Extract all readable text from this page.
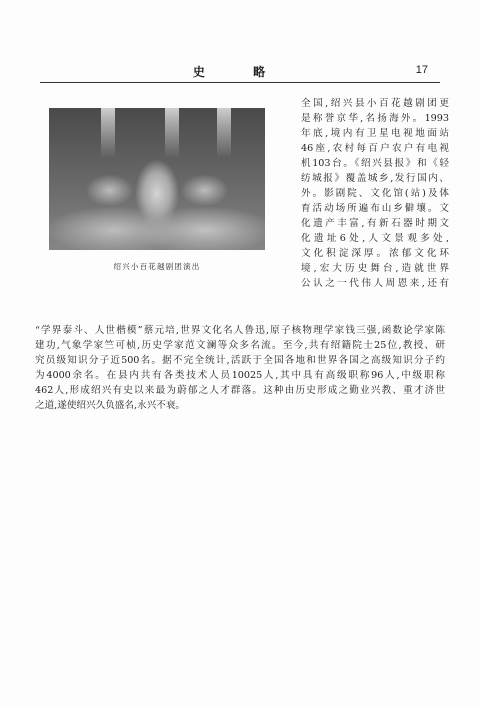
史 略	17
绍兴小百花越剧团演出
全国,绍兴县小百花越剧团更
是称誉京华,名扬海外。1993
年底,境内有卫星电视地面站
46座,农村每百户农户有电视
机103台。《绍兴县报》和《轻
纺城报》覆盖城乡,发行国内、
外。影剧院、文化馆(站)及体
育活动场所遍布山乡僻壤。文
化遗产丰富,有新石器时期文
化遗址6处,人文景观多处,
文化积淀深厚。浓郁文化环
境,宏大历史舞台,造就世界
公认之一代伟人周恩来,还有
“学界泰斗、人世楷模”蔡元培,世界文化名人鲁迅,原子核物理学家钱三强,函数论学家陈
建功,气象学家竺可桢,历史学家范文澜等众多名流。至今,共有绍籍院士25位,教授、研
究员级知识分子近500名。据不完全统计,活跃于全国各地和世界各国之高级知识分子约
为4000余名。在县内共有各类技术人员10025人,其中具有高级职称96人,中级职称
462人,形成绍兴有史以来最为蔚郁之人才群落。这种由历史形成之勤业兴教、重才济世
之道,遂使绍兴久负盛名,永兴不衰。
